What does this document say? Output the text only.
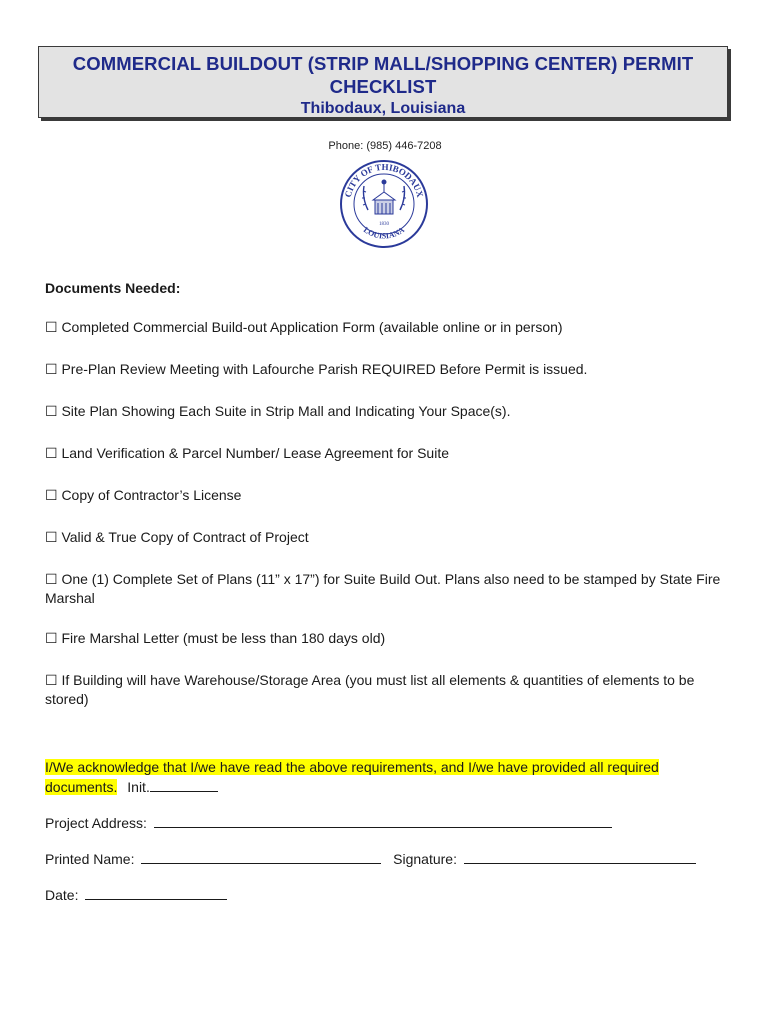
COMMERCIAL BUILDOUT (STRIP MALL/SHOPPING CENTER) PERMIT
CHECKLIST
Thibodaux, Louisiana
Phone: (985) 446-7208
CITY OF THIBODAUX
LOUISIANA
1830
Documents Needed:
☐ Completed Commercial Build-out Application Form (available online or in person)
☐ Pre-Plan Review Meeting with Lafourche Parish REQUIRED Before Permit is issued.
☐ Site Plan Showing Each Suite in Strip Mall and Indicating Your Space(s).
☐ Land Verification & Parcel Number/ Lease Agreement for Suite
☐ Copy of Contractor’s License
☐ Valid & True Copy of Contract of Project
☐ One (1) Complete Set of Plans (11” x 17”) for Suite Build Out. Plans also need to be stamped by State Fire Marshal
☐ Fire Marshal Letter (must be less than 180 days old)
☐ If Building will have Warehouse/Storage Area (you must list all elements & quantities of elements to be stored)
I/We acknowledge that I/we have read the above requirements, and I/we have provided all required documents. Init.
Project Address:
Printed Name:	Signature:
Date:
